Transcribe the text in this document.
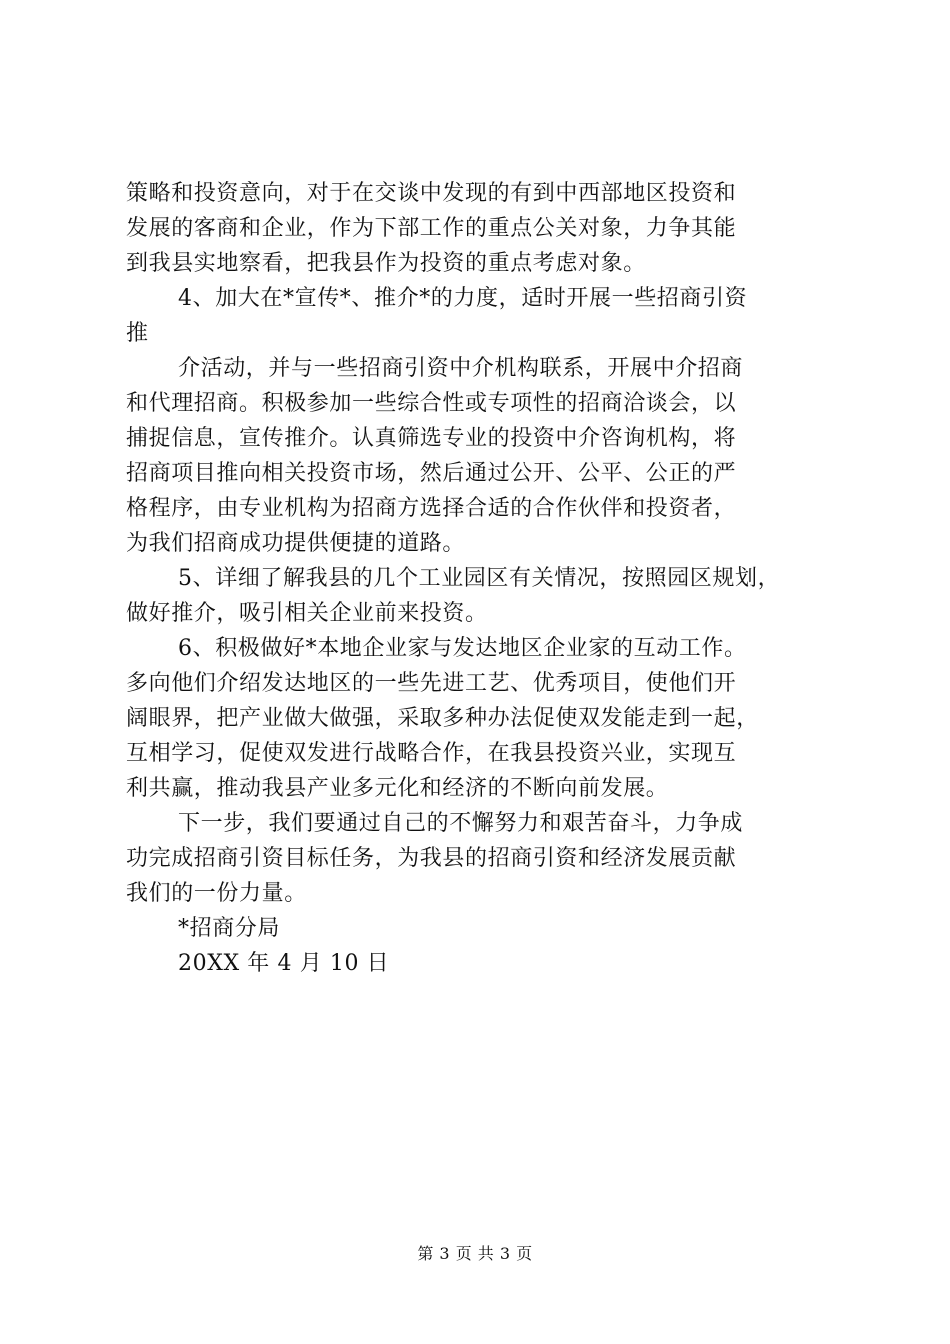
策略和投资意向，对于在交谈中发现的有到中西部地区投资和
发展的客商和企业，作为下部工作的重点公关对象，力争其能
到我县实地察看，把我县作为投资的重点考虑对象。
4、加大在*宣传*、推介*的力度，适时开展一些招商引资
推
介活动，并与一些招商引资中介机构联系，开展中介招商
和代理招商。积极参加一些综合性或专项性的招商洽谈会，以
捕捉信息，宣传推介。认真筛选专业的投资中介咨询机构，将
招商项目推向相关投资市场，然后通过公开、公平、公正的严
格程序，由专业机构为招商方选择合适的合作伙伴和投资者，
为我们招商成功提供便捷的道路。
5、详细了解我县的几个工业园区有关情况，按照园区规划，
做好推介，吸引相关企业前来投资。
6、积极做好*本地企业家与发达地区企业家的互动工作。
多向他们介绍发达地区的一些先进工艺、优秀项目，使他们开
阔眼界，把产业做大做强，采取多种办法促使双发能走到一起，
互相学习，促使双发进行战略合作，在我县投资兴业，实现互
利共赢，推动我县产业多元化和经济的不断向前发展。
下一步，我们要通过自己的不懈努力和艰苦奋斗，力争成
功完成招商引资目标任务，为我县的招商引资和经济发展贡献
我们的一份力量。
*招商分局
20XX 年 4 月 10 日
第 3 页 共 3 页
